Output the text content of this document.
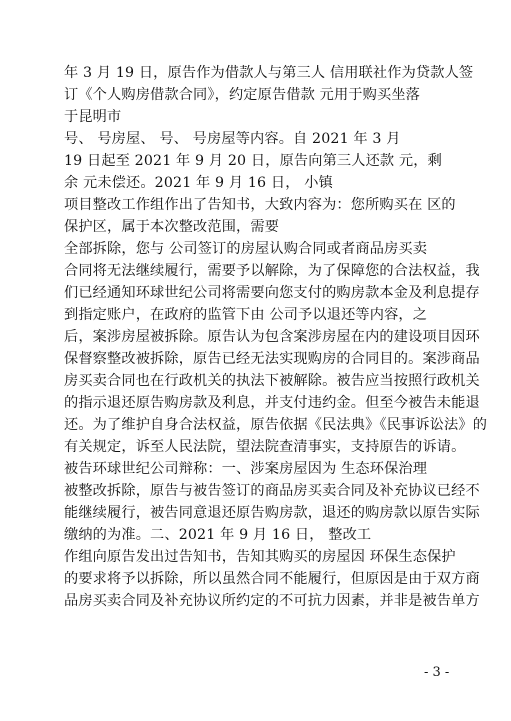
年 3 月 19 日，原告作为借款人与第三人 信用联社作为贷款人签
订《个人购房借款合同》，约定原告借款 元用于购买坐落
于昆明市
号、 号房屋、 号、 号房屋等内容。自 2021 年 3 月
19 日起至 2021 年 9 月 20 日，原告向第三人还款 元，剩
余 元未偿还。2021 年 9 月 16 日， 小镇
项目整改工作组作出了告知书，大致内容为：您所购买在 区的
保护区，属于本次整改范围，需要
全部拆除，您与 公司签订的房屋认购合同或者商品房买卖
合同将无法继续履行，需要予以解除，为了保障您的合法权益，我
们已经通知环球世纪公司将需要向您支付的购房款本金及利息提存
到指定账户，在政府的监管下由 公司予以退还等内容，之
后，案涉房屋被拆除。原告认为包含案涉房屋在内的建设项目因环
保督察整改被拆除，原告已经无法实现购房的合同目的。案涉商品
房买卖合同也在行政机关的执法下被解除。被告应当按照行政机关
的指示退还原告购房款及利息，并支付违约金。但至今被告未能退
还。为了维护自身合法权益，原告依据《民法典》《民事诉讼法》的
有关规定，诉至人民法院，望法院查清事实，支持原告的诉请。
被告环球世纪公司辩称：一、涉案房屋因为 生态环保治理
被整改拆除，原告与被告签订的商品房买卖合同及补充协议已经不
能继续履行，被告同意退还原告购房款，退还的购房款以原告实际
缴纳的为准。二、2021 年 9 月 16 日， 整改工
作组向原告发出过告知书，告知其购买的房屋因 环保生态保护
的要求将予以拆除，所以虽然合同不能履行，但原因是由于双方商
品房买卖合同及补充协议所约定的不可抗力因素，并非是被告单方
- 3 -
